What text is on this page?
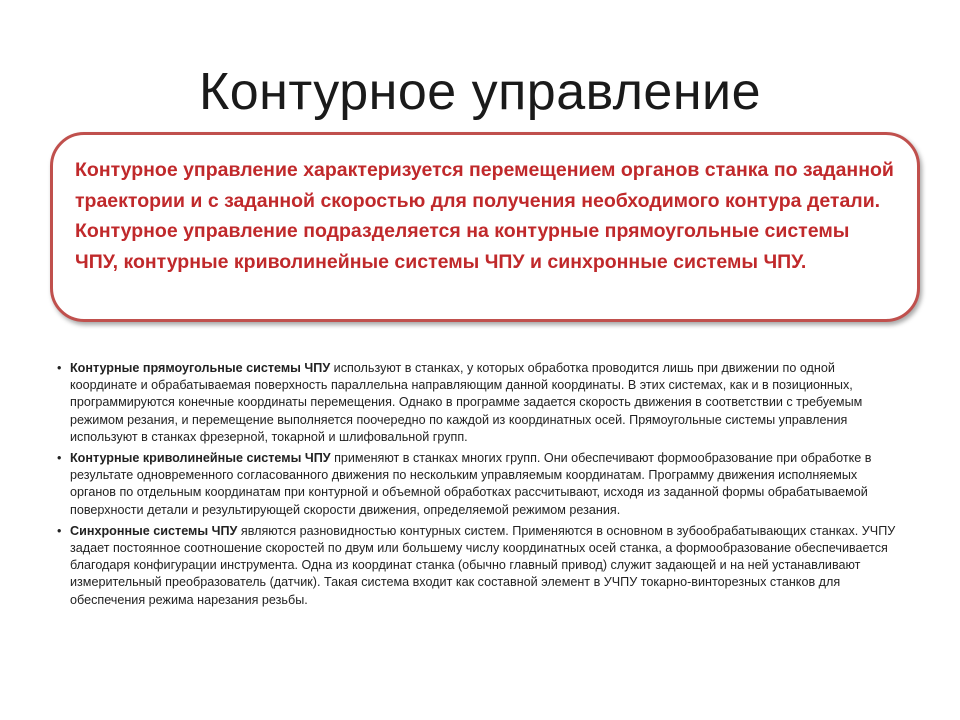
Контурное управление
Контурное управление характеризуется перемещением органов станка по заданной траектории и с заданной скоростью для получения необходимого контура детали. Контурное управление подразделяется на контурные прямоугольные системы ЧПУ, контурные криволинейные системы ЧПУ и синхронные системы ЧПУ.
• Контурные прямоугольные системы ЧПУ используют в станках, у которых обработка проводится лишь при движении по одной координате и обрабатываемая поверхность параллельна направляющим данной координаты. В этих системах, как и в позиционных, программируются конечные координаты перемещения. Однако в программе задается скорость движения в соответствии с требуемым режимом резания, и перемещение выполняется поочередно по каждой из координатных осей. Прямоугольные системы управления используют в станках фрезерной, токарной и шлифовальной групп.
• Контурные криволинейные системы ЧПУ применяют в станках многих групп. Они обеспечивают формообразование при обработке в результате одновременного согласованного движения по нескольким управляемым координатам. Программу движения исполняемых органов по отдельным координатам при контурной и объемной обработках рассчитывают, исходя из заданной формы обрабатываемой поверхности детали и результирующей скорости движения, определяемой режимом резания.
• Синхронные системы ЧПУ являются разновидностью контурных систем. Применяются в основном в зубообрабатывающих станках. УЧПУ задает постоянное соотношение скоростей по двум или большему числу координатных осей станка, а формообразование обеспечивается благодаря конфигурации инструмента. Одна из координат станка (обычно главный привод) служит задающей и на ней устанавливают измерительный преобразователь (датчик). Такая система входит как составной элемент в УЧПУ токарно-винторезных станков для обеспечения режима нарезания резьбы.
